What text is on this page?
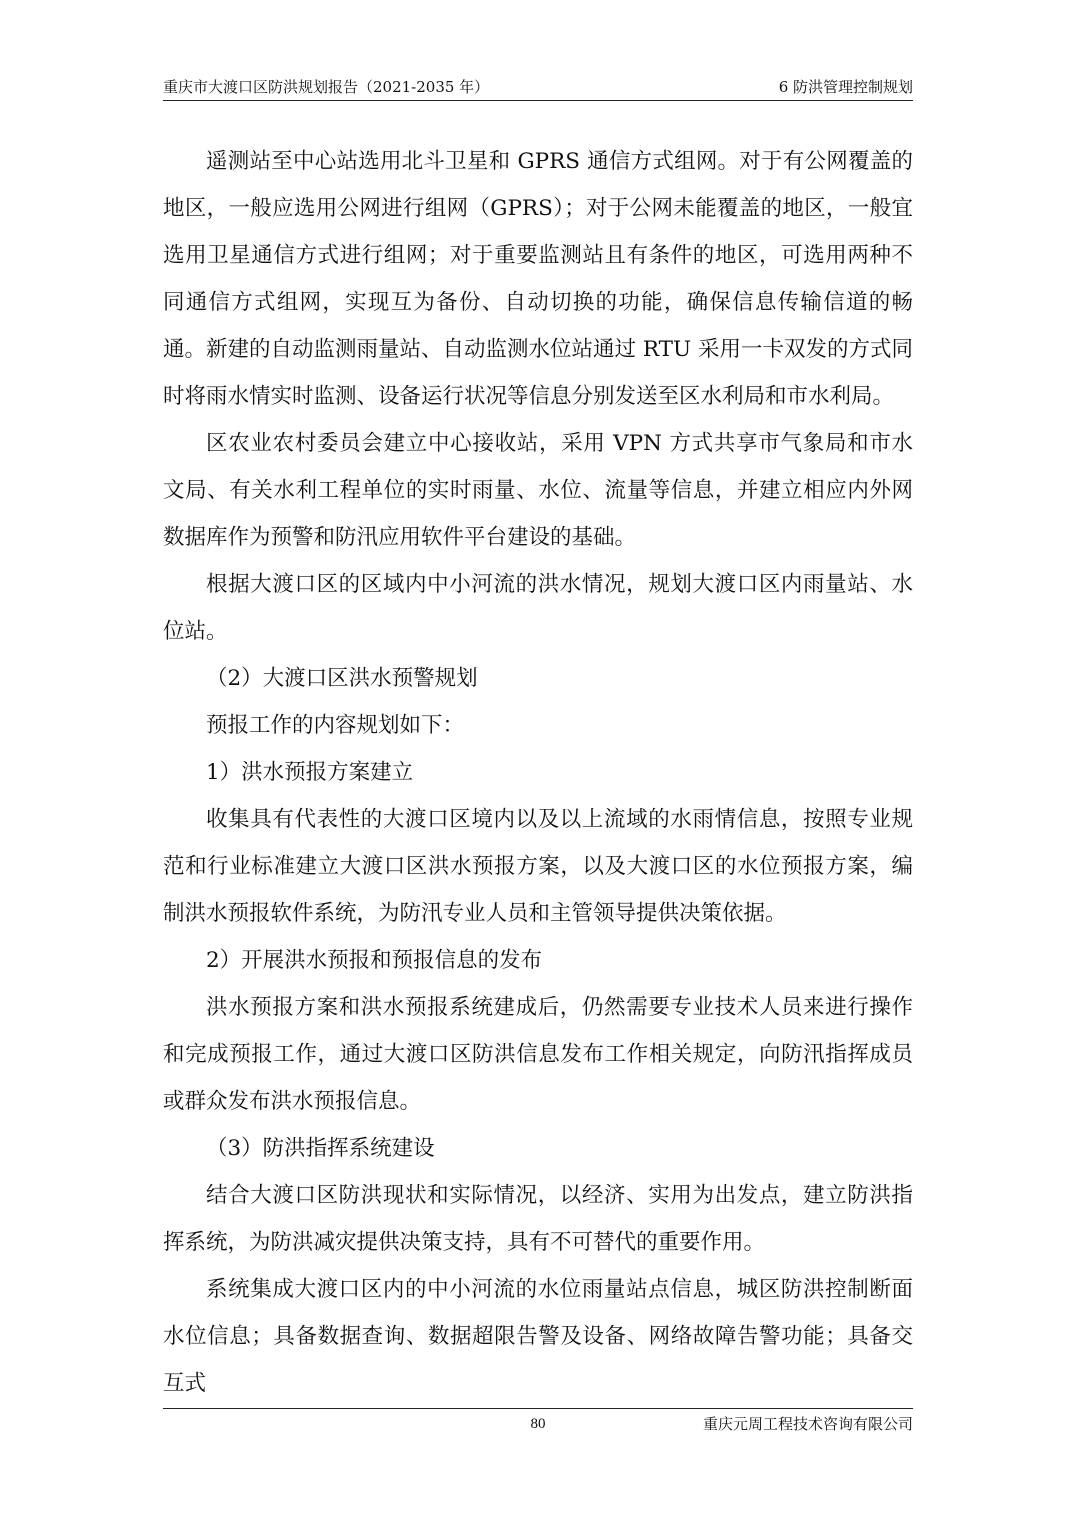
重庆市大渡口区防洪规划报告（2021-2035 年）	6 防洪管理控制规划

遥测站至中心站选用北斗卫星和 GPRS 通信方式组网。对于有公网覆盖的地区，一般应选用公网进行组网（GPRS）；对于公网未能覆盖的地区，一般宜选用卫星通信方式进行组网；对于重要监测站且有条件的地区，可选用两种不同通信方式组网，实现互为备份、自动切换的功能，确保信息传输信道的畅通。新建的自动监测雨量站、自动监测水位站通过 RTU 采用一卡双发的方式同时将雨水情实时监测、设备运行状况等信息分别发送至区水利局和市水利局。

区农业农村委员会建立中心接收站，采用 VPN 方式共享市气象局和市水文局、有关水利工程单位的实时雨量、水位、流量等信息，并建立相应内外网数据库作为预警和防汛应用软件平台建设的基础。

根据大渡口区的区域内中小河流的洪水情况，规划大渡口区内雨量站、水位站。

（2）大渡口区洪水预警规划

预报工作的内容规划如下：

1）洪水预报方案建立

收集具有代表性的大渡口区境内以及以上流域的水雨情信息，按照专业规范和行业标准建立大渡口区洪水预报方案，以及大渡口区的水位预报方案，编制洪水预报软件系统，为防汛专业人员和主管领导提供决策依据。

2）开展洪水预报和预报信息的发布

洪水预报方案和洪水预报系统建成后，仍然需要专业技术人员来进行操作和完成预报工作，通过大渡口区防洪信息发布工作相关规定，向防汛指挥成员或群众发布洪水预报信息。

（3）防洪指挥系统建设

结合大渡口区防洪现状和实际情况，以经济、实用为出发点，建立防洪指挥系统，为防洪减灾提供决策支持，具有不可替代的重要作用。

系统集成大渡口区内的中小河流的水位雨量站点信息，城区防洪控制断面水位信息；具备数据查询、数据超限告警及设备、网络故障告警功能；具备交互式

80	重庆元周工程技术咨询有限公司
